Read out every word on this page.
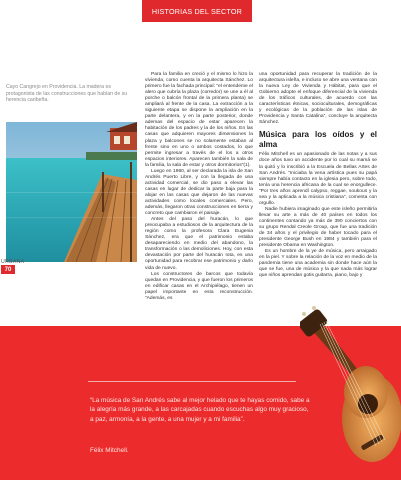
HISTORIAS DEL SECTOR
Cayo Cangrejo en Providencia. La madera es protagonista de las construcciones que hablan de su herencia caribeña.
URBANA
70

Para la familia en creció y el mismo lo hizo la vivienda, como cuenta la arquitecta Sánchez. Lo primero fue la fachada principal: “el entendeme el alero que cubría la plaza (corredor) se une a él al porche o balcón frontal de la primera planta) se ampliará al frente de la casa. La extracción a la siguiente etapa se dispone la ampliación en la parte delantera, y en la parte posterior, donde ademas del espacio de estar aparecen la habitación de los padres y la de los niños. En las casas que adquieren mayores dimensiones la plaza y balcones se no solamente estaban al frente sino en uno o ambos costados, lo que permite ingresar a través de el los a otros espacios interiores. Aparecen también la sala de la familia, la sala de estar y otros dormitorios”(1).

Luego en 1960, al ser declarada la isla de San Andrés Puerto Libre, y con la llegada de una actividad comercial, se dio paso a elevar las casas en lugar de dedicar la parte baja para la alojar en las casas que dejaron de las nuevas actividades como locales comerciales. Pero, además, llegaron otras construcciones en tierra y concreto que cambiaron el paisaje.

Antes del paso del huracán, lo que preocupaba a estudiosos de la arquitectura de la región como la profesora Clara Eugenia Sánchez, era que el patrimonio estaba desapareciendo en medio del abandono, la transformación o las demoliciones. Hoy, con esta devastación por parte del huracán Iota, es una oportunidad para recobrar ese patrimonio y darlo vida de nuevo.

Los constructores de barcos que todavía quedan en Providencia, y que fueron los primeros en edificar casas en el Archipiélago, tienen un papel importante en esta reconstrucción. “Además, es

una oportunidad para recuperar la tradición de la arquitectura isleña, e incluso se abre una ventana con la nueva Ley de Vivienda y Hábitat, para que el Gobierno adopte el enfoque diferencial de la vivienda de los tráficos culturales, de acuerdo con las características étnicas, socioculturales, demográficas y ecológicas de la población de las islas de Providencia y Santa Catalina”, concluye la arquitecta Sánchez.

Música para los oídos y el alma

Félix Mitchell es un apasionado de las notas y a sus doce años tuvo un accidente por lo cual su mamá se la quitó y lo inscribió a la Escuela de Bellas Artes de San Andrés. “Iniciaba la vena artística pues su papá siempre había contacto en la iglesia pero, sobre todo, tenía una herencia africana de la cual se enorgullece. “Por tres años aprendí calypso, reggae, soukous y la sea y la aplicada a la música cristiana”, comenta con orgullo.

Nadie hubiera imaginado que este isleño permitiría llevar su arte a más de 40 países en todos los continentes contando ya más de 390 conciertos con su grupo Rendal Creole Group, que fue una tradición de 34 años y el privilegio de haber tocado para el presidente George Bush en 1984 y también para el presidente Obama en Washington.

Es un hombre de la ye de música, pero arraigado en la piel. Y sobre la relación de la voz en medio de la pandemia tiene una academia sin donde hace aún la que se fue, una de música y la que nada más lograr que niños aprendan gotis guitarra, piano, bajo y

“La música de San Andrés sabe al mejor helado que te hayas comido, sabe a la alegría más grande, a las carcajadas cuando escuchas algo muy gracioso, a paz, armonía, a la gente, a una mujer y a mi familia”.
Félix Mitchell.
